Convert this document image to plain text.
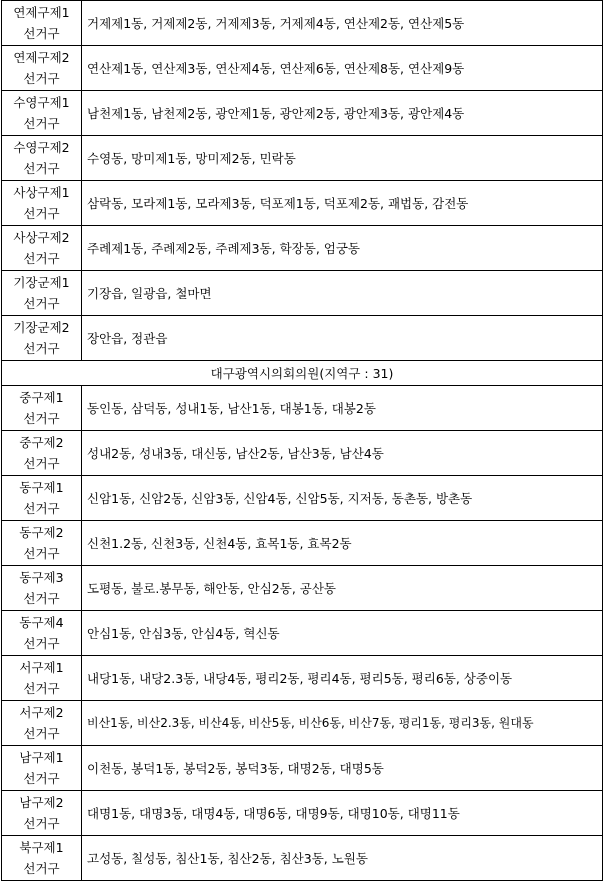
연제구제1
선거구	거제제1동, 거제제2동, 거제제3동, 거제제4동, 연산제2동, 연산제5동

연제구제2
선거구	연산제1동, 연산제3동, 연산제4동, 연산제6동, 연산제8동, 연산제9동

수영구제1
선거구	남천제1동, 남천제2동, 광안제1동, 광안제2동, 광안제3동, 광안제4동

수영구제2
선거구	수영동, 망미제1동, 망미제2동, 민락동

사상구제1
선거구	삼락동, 모라제1동, 모라제3동, 덕포제1동, 덕포제2동, 괘법동, 감전동

사상구제2
선거구	주례제1동, 주례제2동, 주례제3동, 학장동, 엄궁동

기장군제1
선거구	기장읍, 일광읍, 철마면

기장군제2
선거구	장안읍, 정관읍
대구광역시의회의원(지역구 : 31)	

중구제1
선거구	동인동, 삼덕동, 성내1동, 남산1동, 대봉1동, 대봉2동

중구제2
선거구	성내2동, 성내3동, 대신동, 남산2동, 남산3동, 남산4동

동구제1
선거구	신암1동, 신암2동, 신암3동, 신암4동, 신암5동, 지저동, 동촌동, 방촌동

동구제2
선거구	신천1.2동, 신천3동, 신천4동, 효목1동, 효목2동

동구제3
선거구	도평동, 불로.봉무동, 해안동, 안심2동, 공산동

동구제4
선거구	안심1동, 안심3동, 안심4동, 혁신동

서구제1
선거구	내당1동, 내당2.3동, 내당4동, 평리2동, 평리4동, 평리5동, 평리6동, 상중이동

서구제2
선거구	비산1동, 비산2.3동, 비산4동, 비산5동, 비산6동, 비산7동, 평리1동, 평리3동, 원대동

남구제1
선거구	이천동, 봉덕1동, 봉덕2동, 봉덕3동, 대명2동, 대명5동

남구제2
선거구	대명1동, 대명3동, 대명4동, 대명6동, 대명9동, 대명10동, 대명11동

북구제1
선거구	고성동, 칠성동, 침산1동, 침산2동, 침산3동, 노원동
